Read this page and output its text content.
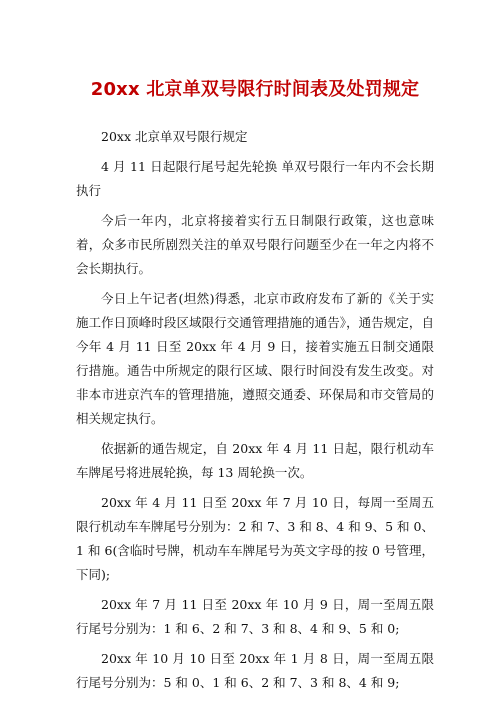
20xx 北京单双号限行时间表及处罚规定

20xx 北京单双号限行规定

4 月 11 日起限行尾号起先轮换 单双号限行一年内不会长期执行

今后一年内，北京将接着实行五日制限行政策，这也意味着，众多市民所剧烈关注的单双号限行问题至少在一年之内将不会长期执行。

今日上午记者(坦然)得悉，北京市政府发布了新的《关于实施工作日顶峰时段区域限行交通管理措施的通告》，通告规定，自今年 4 月 11 日至 20xx 年 4 月 9 日，接着实施五日制交通限行措施。通告中所规定的限行区域、限行时间没有发生改变。对非本市进京汽车的管理措施，遵照交通委、环保局和市交管局的相关规定执行。

依据新的通告规定，自 20xx 年 4 月 11 日起，限行机动车车牌尾号将进展轮换，每 13 周轮换一次。

20xx 年 4 月 11 日至 20xx 年 7 月 10 日，每周一至周五限行机动车车牌尾号分别为：2 和 7、3 和 8、4 和 9、5 和 0、1 和 6(含临时号牌，机动车车牌尾号为英文字母的按 0 号管理，下同);

20xx 年 7 月 11 日至 20xx 年 10 月 9 日，周一至周五限行尾号分别为：1 和 6、2 和 7、3 和 8、4 和 9、5 和 0;

20xx 年 10 月 10 日至 20xx 年 1 月 8 日，周一至周五限行尾号分别为：5 和 0、1 和 6、2 和 7、3 和 8、4 和 9;
